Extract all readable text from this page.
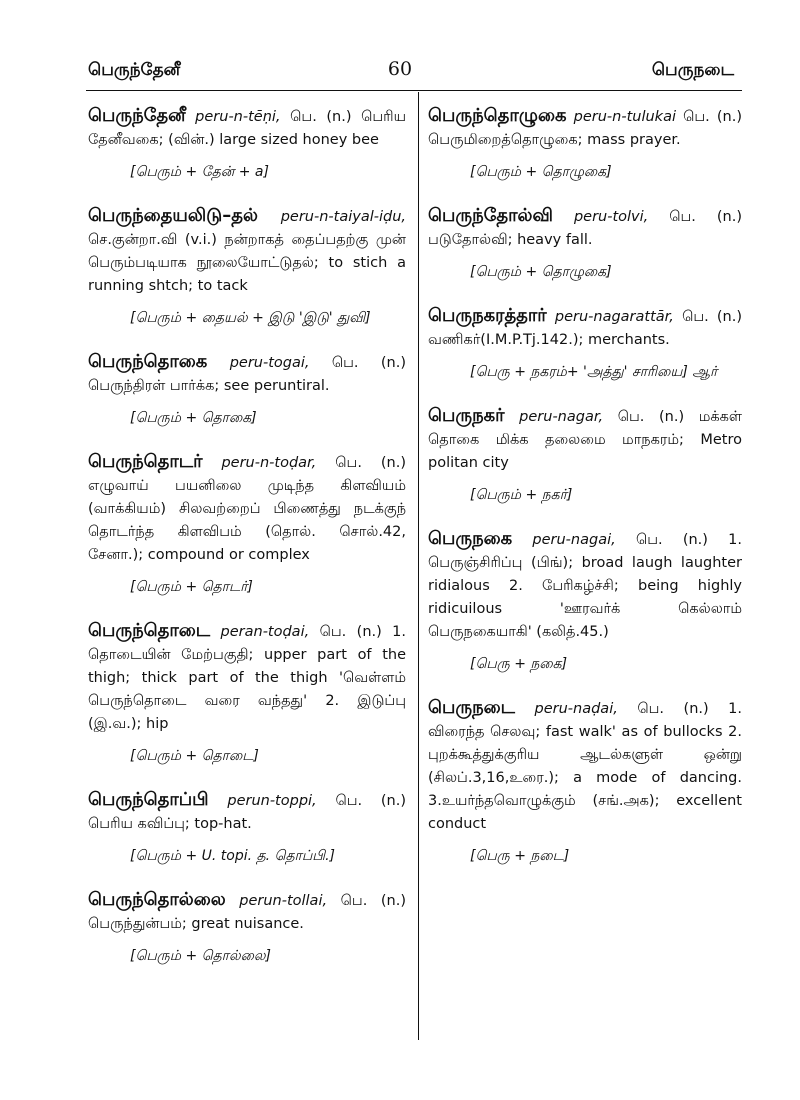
பெருந்தேனீ	60	பெருநடை
பெருந்தேனீ peru-n-tēṇi, பெ. (n.) பெரிய தேனீவகை; (வின்.) large sized honey bee
[பெரும் + தேன் + a]
பெருந்தையலிடு–தல் peru-n-taiyal-iḍu, செ.குன்றா.வி (v.i.) நன்றாகத் தைப்பதற்கு முன் பெரும்படியாக நூலையோட்டுதல்; to stich a running shtch; to tack
[பெரும் + தையல் + இடு 'இடு' துவி]
பெருந்தொகை peru-togai, பெ. (n.) பெருந்திரள் பார்க்க; see peruntiral.
[பெரும் + தொகை]
பெருந்தொடர் peru-n-toḍar, பெ. (n.) எழுவாய் பயனிலை முடிந்த கிளவியம் (வாக்கியம்) சிலவற்றைப் பிணைத்து நடக்குந் தொடர்ந்த கிளவிபம் (தொல். சொல்.42, சேனா.); compound or complex
[பெரும் + தொடர்]
பெருந்தொடை peran-toḍai, பெ. (n.) 1. தொடையின் மேற்பகுதி; upper part of the thigh; thick part of the thigh 'வெள்ளம் பெருந்தொடை வரை வந்தது' 2. இடுப்பு (இ.வ.); hip
[பெரும் + தொடை]
பெருந்தொப்பி perun-toppi, பெ. (n.) பெரிய கவிப்பு; top-hat.
[பெரும் + U. topi. த. தொப்பி.]
பெருந்தொல்லை perun-tollai, பெ. (n.) பெருந்துன்பம்; great nuisance.
[பெரும் + தொல்லை]
பெருந்தொழுகை peru-n-tulukai பெ. (n.) பெருமிறைத்தொழுகை; mass prayer.
[பெரும் + தொழுகை]
பெருந்தோல்வி peru-tolvi, பெ. (n.) படுதோல்வி; heavy fall.
[பெரும் + தொழுகை]
பெருநகரத்தார் peru-nagarattār, பெ. (n.) வணிகர்(I.M.P.Tj.142.); merchants.
[பெரு + நகரம்+ 'அத்து' சாரியை] ஆர்
பெருநகர் peru-nagar, பெ. (n.) மக்கள் தொகை மிக்க தலைமை மாநகரம்; Metro politan city
[பெரும் + நகர்]
பெருநகை peru-nagai, பெ. (n.) 1. பெருஞ்சிரிப்பு (பிங்); broad laugh laughter ridialous 2. பேரிகழ்ச்சி; being highly ridicuilous 'ஊரவர்க் கெல்லாம் பெருநகையாகி' (கலித்.45.)
[பெரு + நகை]
பெருநடை peru-naḍai, பெ. (n.) 1. விரைந்த செலவு; fast walk' as of bullocks 2. புறக்கூத்துக்குரிய ஆடல்களுள் ஒன்று (சிலப்.3,16,உரை.); a mode of dancing. 3.உயர்ந்தவொழுக்கும் (சங்.அக); excellent conduct
[பெரு + நடை]
